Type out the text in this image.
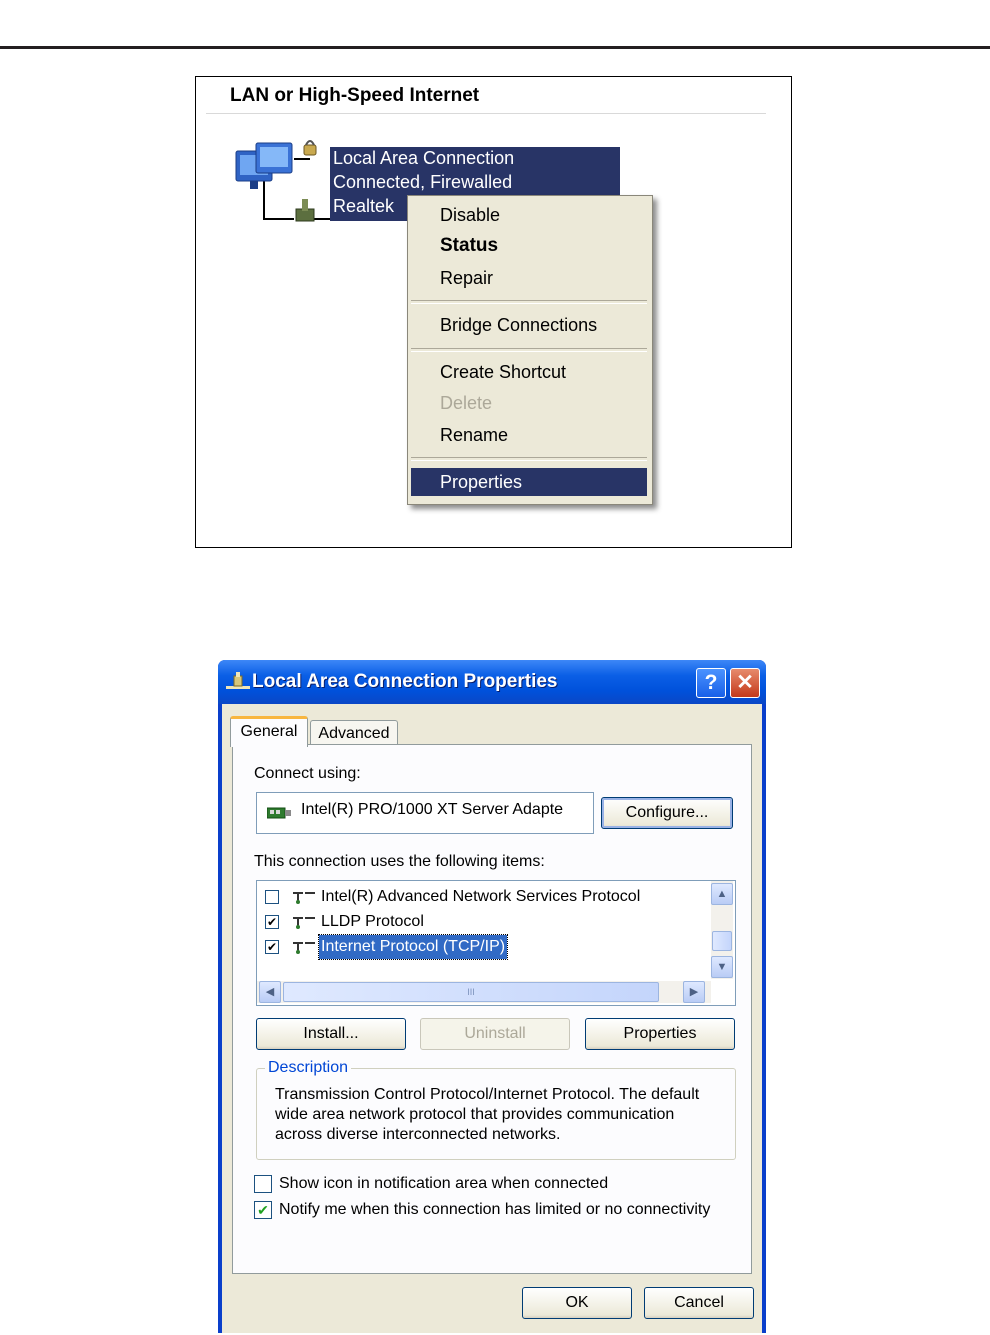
LAN or High-Speed Internet
Local Area Connection
Connected, Firewalled
Realtek	Disable
Status
Repair
Bridge Connections
Create Shortcut
Delete
Rename
Properties
Local Area Connection Properties	? ✕
General	Advanced
Connect using:
Intel(R) PRO/1000 XT Server Adapte	Configure...
This connection uses the following items:
Intel(R) Advanced Network Services Protocol
✔	LLDP Protocol
✔	Internet Protocol (TCP/IP)
▲
▼
◀	III	▶
Install...	Uninstall	Properties
Description
Transmission Control Protocol/Internet Protocol. The default wide area network protocol that provides communication across diverse interconnected networks.
Show icon in notification area when connected
✔ Notify me when this connection has limited or no connectivity
OK	Cancel
